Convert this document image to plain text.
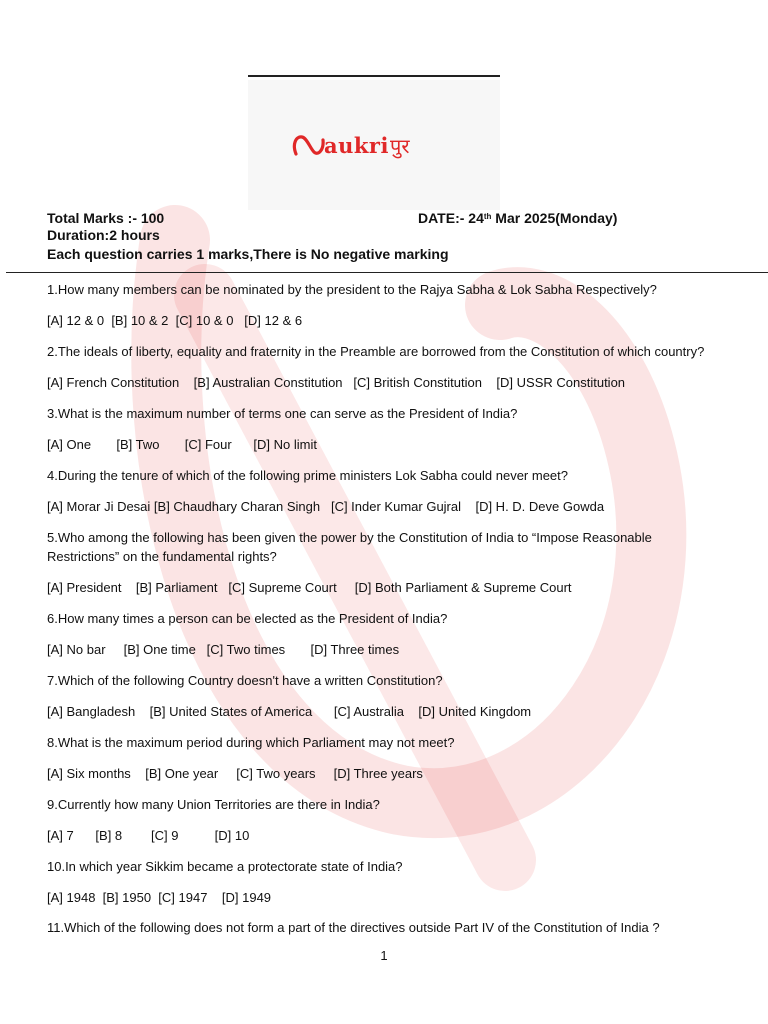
aukri पुर
Total Marks :- 100
Duration:2 hours
Each question carries 1 marks,There is No negative marking
DATE:- 24th Mar 2025(Monday)
1.How many members can be nominated by the president to the Rajya Sabha & Lok Sabha Respectively?
[A] 12 & 0  [B] 10 & 2  [C] 10 & 0   [D] 12 & 6
2.The ideals of liberty, equality and fraternity in the Preamble are borrowed from the Constitution of which country?
[A] French Constitution    [B] Australian Constitution   [C] British Constitution    [D] USSR Constitution
3.What is the maximum number of terms one can serve as the President of India?
[A] One       [B] Two       [C] Four      [D] No limit
4.During the tenure of which of the following prime ministers Lok Sabha could never meet?
[A] Morar Ji Desai [B] Chaudhary Charan Singh   [C] Inder Kumar Gujral    [D] H. D. Deve Gowda
5.Who among the following has been given the power by the Constitution of India to “Impose Reasonable Restrictions” on the fundamental rights?
[A] President    [B] Parliament   [C] Supreme Court     [D] Both Parliament & Supreme Court
6.How many times a person can be elected as the President of India?
[A] No bar     [B] One time   [C] Two times       [D] Three times
7.Which of the following Country doesn't have a written Constitution?
[A] Bangladesh    [B] United States of America      [C] Australia    [D] United Kingdom
8.What is the maximum period during which Parliament may not meet?
[A] Six months    [B] One year     [C] Two years     [D] Three years
9.Currently how many Union Territories are there in India?
[A] 7      [B] 8        [C] 9          [D] 10
10.In which year Sikkim became a protectorate state of India?
[A] 1948  [B] 1950  [C] 1947    [D] 1949
11.Which of the following does not form a part of the directives outside Part IV of the Constitution of India ?
1
